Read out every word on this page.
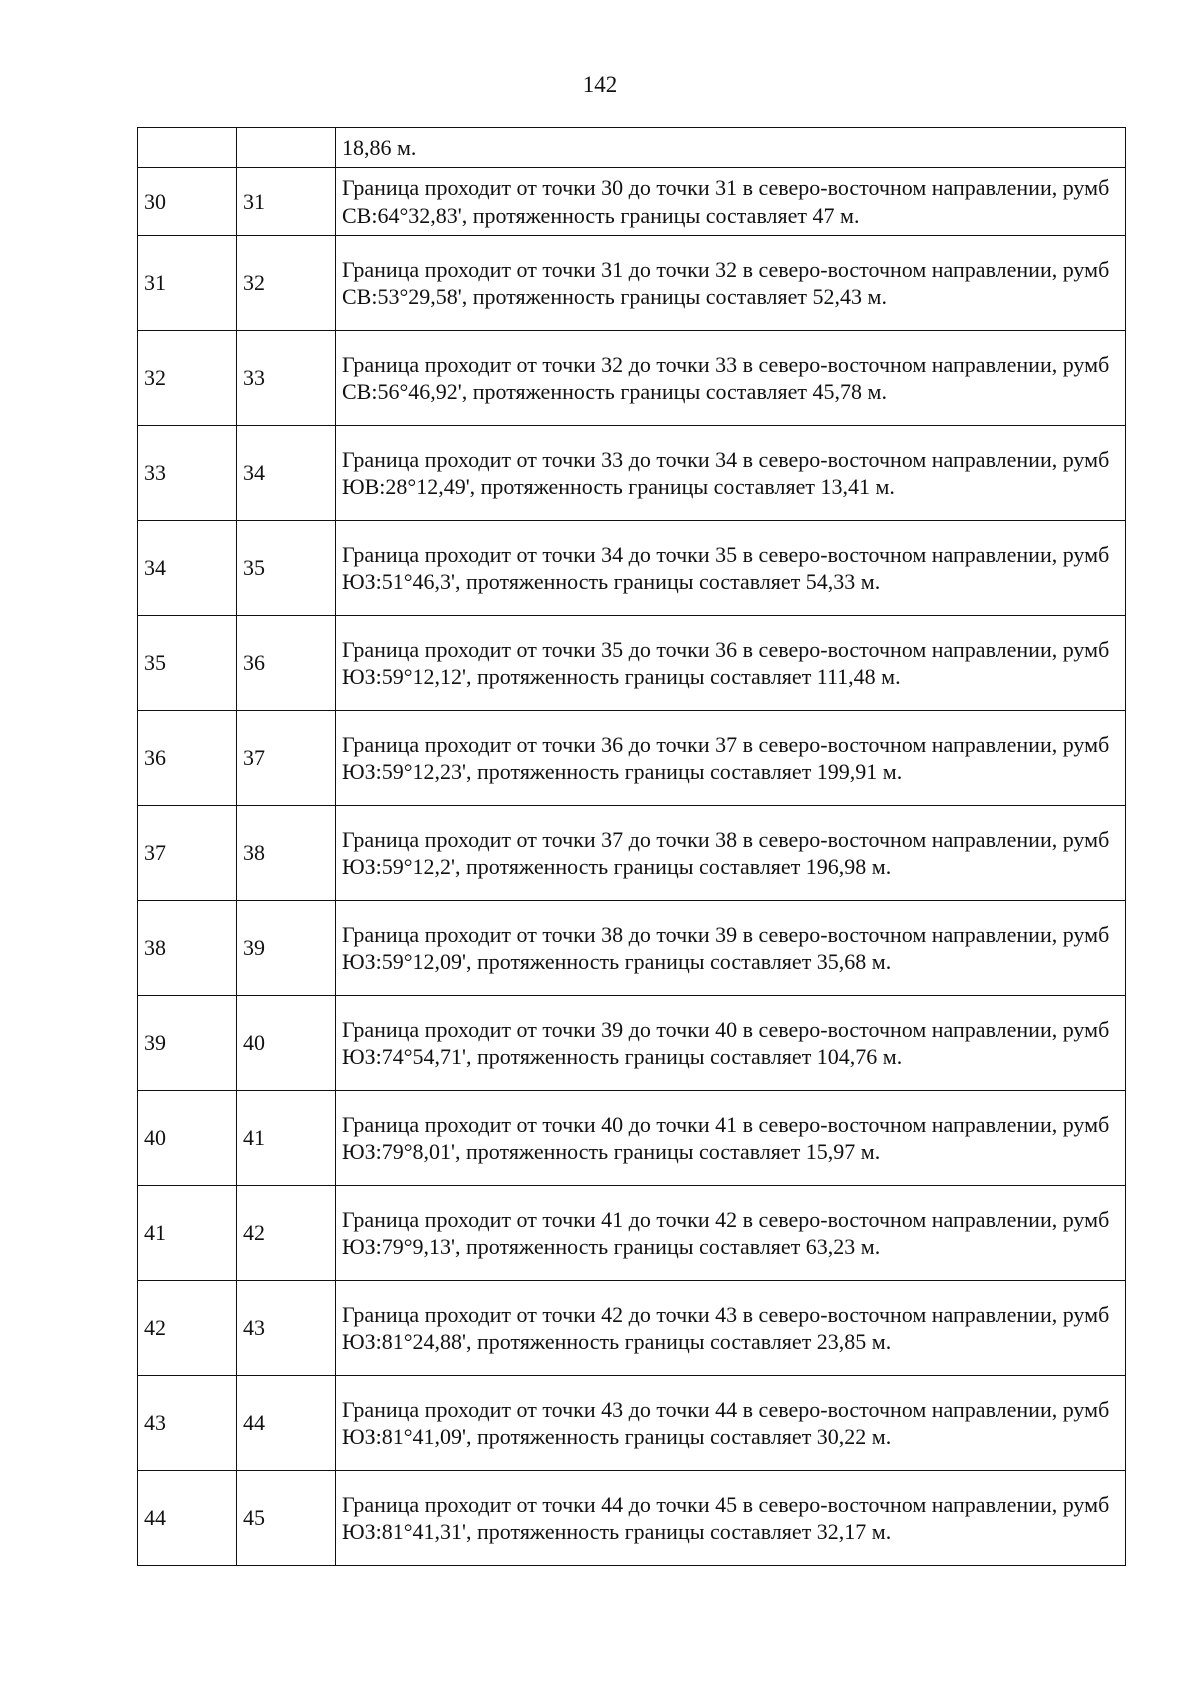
142
		18,86 м.
30	31	Граница проходит от точки 30 до точки 31 в северо-восточном направлении, румб СВ:64°32,83', протяженность границы составляет 47 м.
31	32	Граница проходит от точки 31 до точки 32 в северо-восточном направлении, румб СВ:53°29,58', протяженность границы составляет 52,43 м.
32	33	Граница проходит от точки 32 до точки 33 в северо-восточном направлении, румб СВ:56°46,92', протяженность границы составляет 45,78 м.
33	34	Граница проходит от точки 33 до точки 34 в северо-восточном направлении, румб ЮВ:28°12,49', протяженность границы составляет 13,41 м.
34	35	Граница проходит от точки 34 до точки 35 в северо-восточном направлении, румб ЮЗ:51°46,3', протяженность границы составляет 54,33 м.
35	36	Граница проходит от точки 35 до точки 36 в северо-восточном направлении, румб ЮЗ:59°12,12', протяженность границы составляет 111,48 м.
36	37	Граница проходит от точки 36 до точки 37 в северо-восточном направлении, румб ЮЗ:59°12,23', протяженность границы составляет 199,91 м.
37	38	Граница проходит от точки 37 до точки 38 в северо-восточном направлении, румб ЮЗ:59°12,2', протяженность границы составляет 196,98 м.
38	39	Граница проходит от точки 38 до точки 39 в северо-восточном направлении, румб ЮЗ:59°12,09', протяженность границы составляет 35,68 м.
39	40	Граница проходит от точки 39 до точки 40 в северо-восточном направлении, румб ЮЗ:74°54,71', протяженность границы составляет 104,76 м.
40	41	Граница проходит от точки 40 до точки 41 в северо-восточном направлении, румб ЮЗ:79°8,01', протяженность границы составляет 15,97 м.
41	42	Граница проходит от точки 41 до точки 42 в северо-восточном направлении, румб ЮЗ:79°9,13', протяженность границы составляет 63,23 м.
42	43	Граница проходит от точки 42 до точки 43 в северо-восточном направлении, румб ЮЗ:81°24,88', протяженность границы составляет 23,85 м.
43	44	Граница проходит от точки 43 до точки 44 в северо-восточном направлении, румб ЮЗ:81°41,09', протяженность границы составляет 30,22 м.
44	45	Граница проходит от точки 44 до точки 45 в северо-восточном направлении, румб ЮЗ:81°41,31', протяженность границы составляет 32,17 м.
